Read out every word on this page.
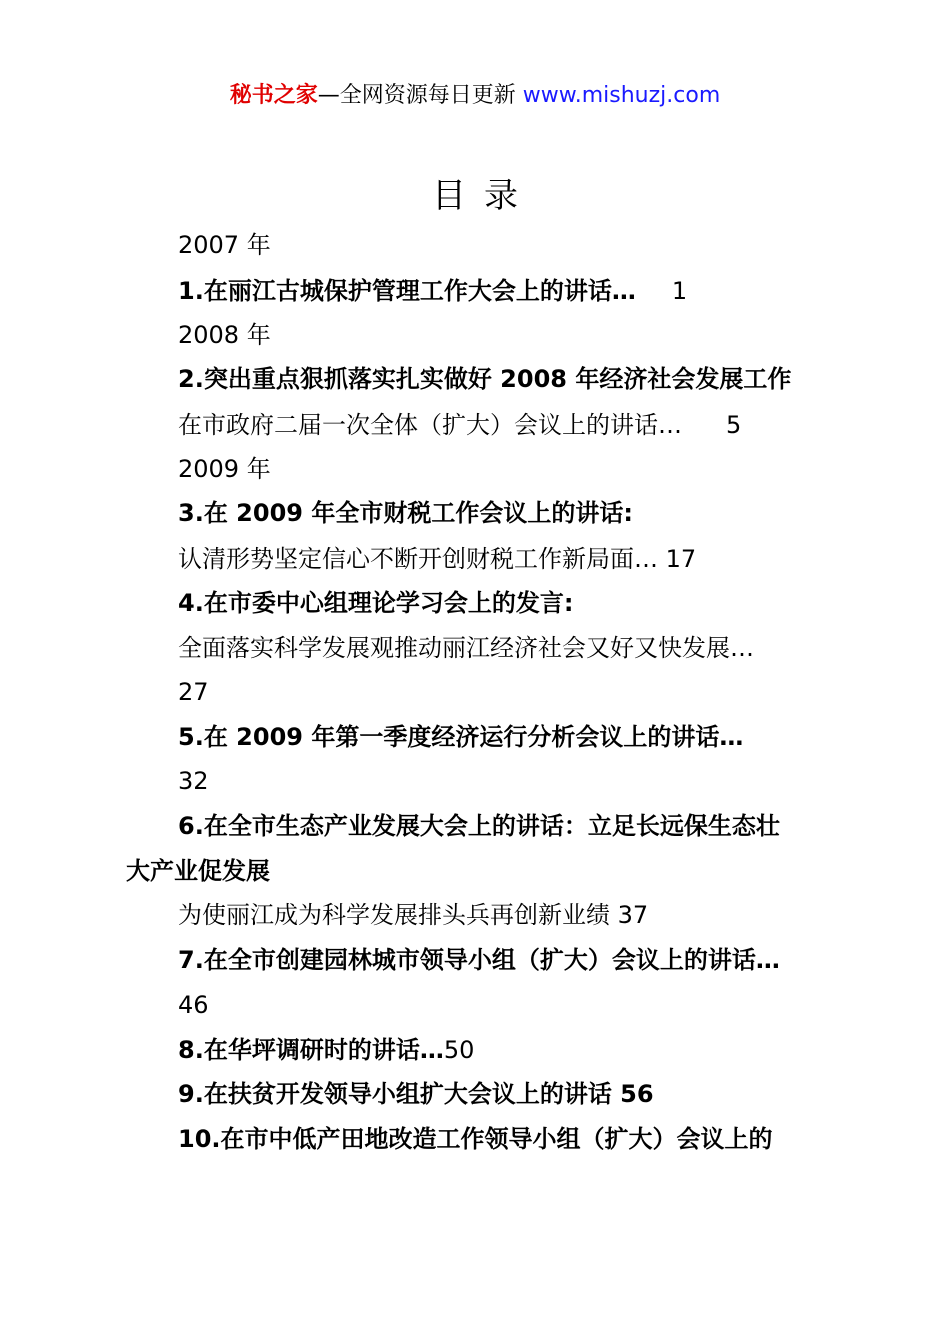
秘书之家—全网资源每日更新 www.mishuzj.com
目录
2007 年
1.在丽江古城保护管理工作大会上的讲话… 1
2008 年
2.突出重点狠抓落实扎实做好 2008 年经济社会发展工作
在市政府二届一次全体（扩大）会议上的讲话… 5
2009 年
3.在 2009 年全市财税工作会议上的讲话:
认清形势坚定信心不断开创财税工作新局面… 17
4.在市委中心组理论学习会上的发言:
全面落实科学发展观推动丽江经济社会又好又快发展…
27
5.在 2009 年第一季度经济运行分析会议上的讲话…
32
6.在全市生态产业发展大会上的讲话：立足长远保生态壮
大产业促发展
为使丽江成为科学发展排头兵再创新业绩 37
7.在全市创建园林城市领导小组（扩大）会议上的讲话…
46
8.在华坪调研时的讲话…50
9.在扶贫开发领导小组扩大会议上的讲话 56
10.在市中低产田地改造工作领导小组（扩大）会议上的
